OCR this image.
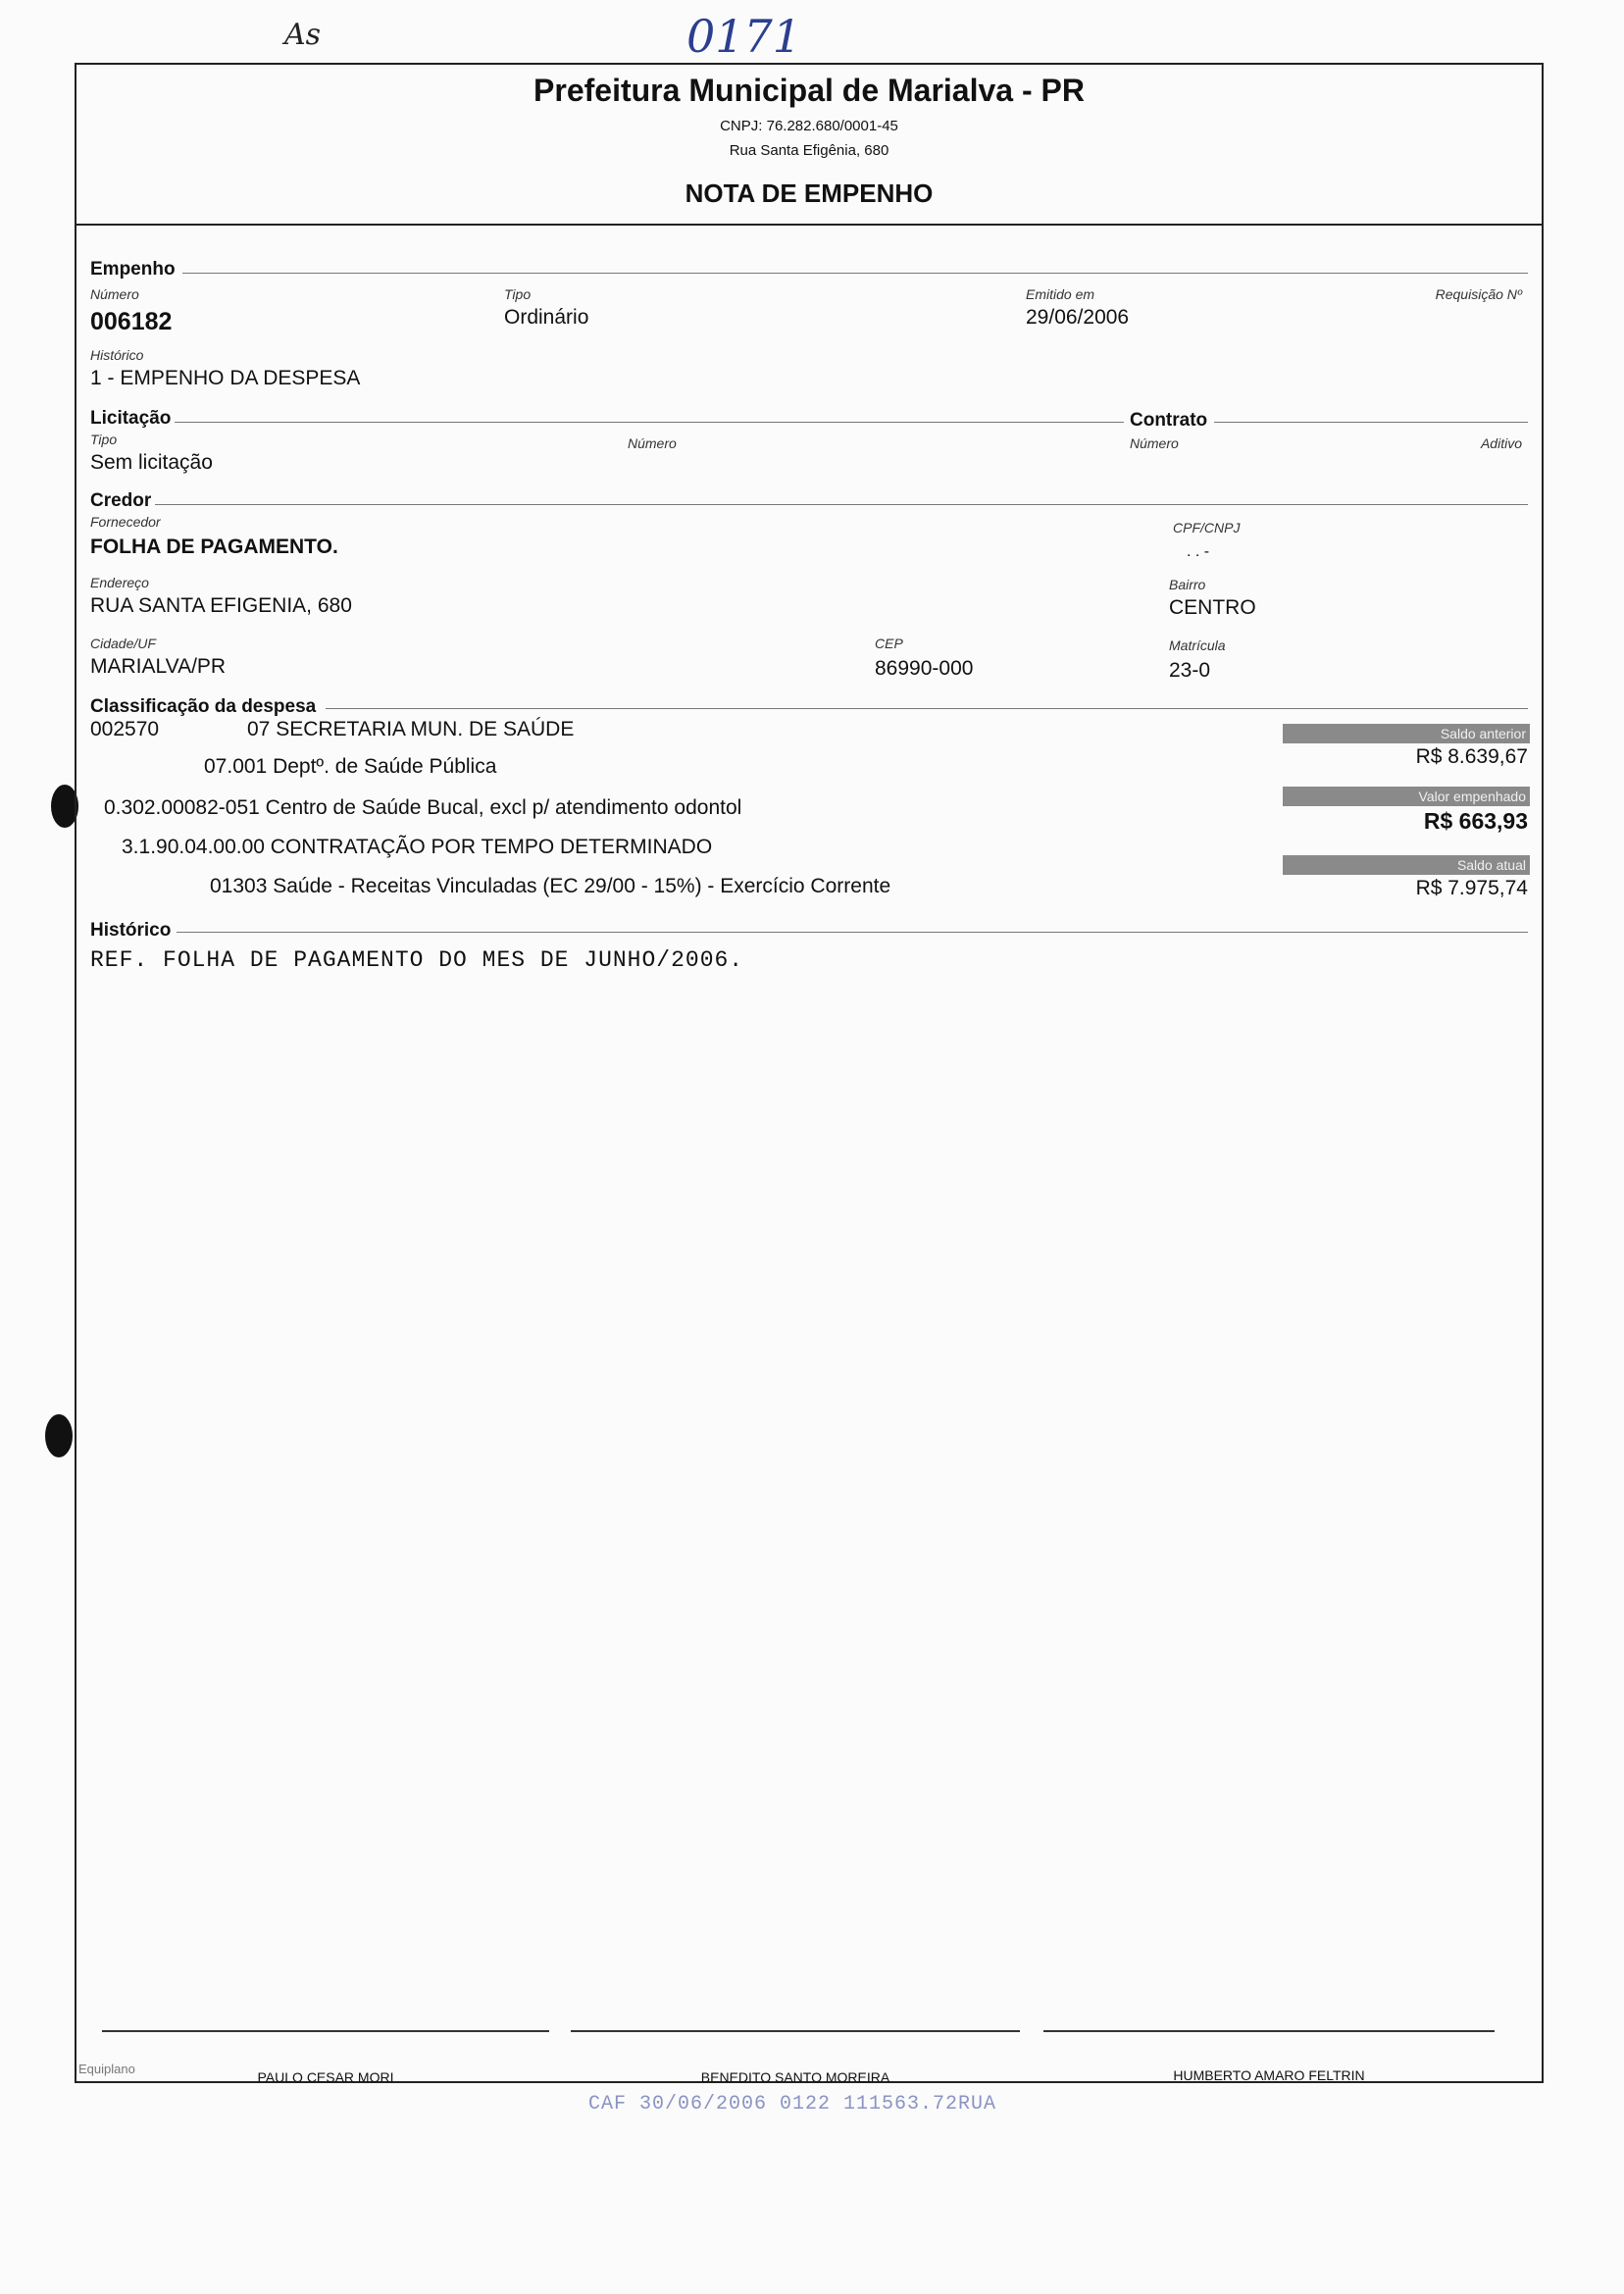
0171
As
Prefeitura Municipal de Marialva - PR
CNPJ: 76.282.680/0001-45
Rua Santa Efigênia, 680
NOTA DE EMPENHO
Empenho
Número
006182
Tipo
Ordinário
Emitido em
29/06/2006
Requisição Nº
Histórico
1 - EMPENHO DA DESPESA
Licitação	Contrato
Tipo
Sem licitação
Número	Número	Aditivo
Credor
Fornecedor
FOLHA DE PAGAMENTO.
CPF/CNPJ
. . -
Endereço
RUA SANTA EFIGENIA, 680
Bairro
CENTRO
Cidade/UF
MARIALVA/PR
CEP
86990-000
Matrícula
23-0
Classificação da despesa
002570	07 SECRETARIA MUN. DE SAÚDE
07.001 Deptº. de Saúde Pública
0.302.00082-051 Centro de Saúde Bucal, excl p/ atendimento odontol
3.1.90.04.00.00 CONTRATAÇÃO POR TEMPO DETERMINADO
01303 Saúde - Receitas Vinculadas (EC 29/00 - 15%) - Exercício Corrente
Saldo anterior
R$ 8.639,67
Valor empenhado
R$ 663,93
Saldo atual
R$ 7.975,74
Histórico
REF. FOLHA DE PAGAMENTO DO MES DE JUNHO/2006.
PAULO CESAR MORI	BENEDITO SANTO MOREIRA	HUMBERTO AMARO FELTRIN
Equiplano
CAF 30/06/2006 0122 111563.72RUA
